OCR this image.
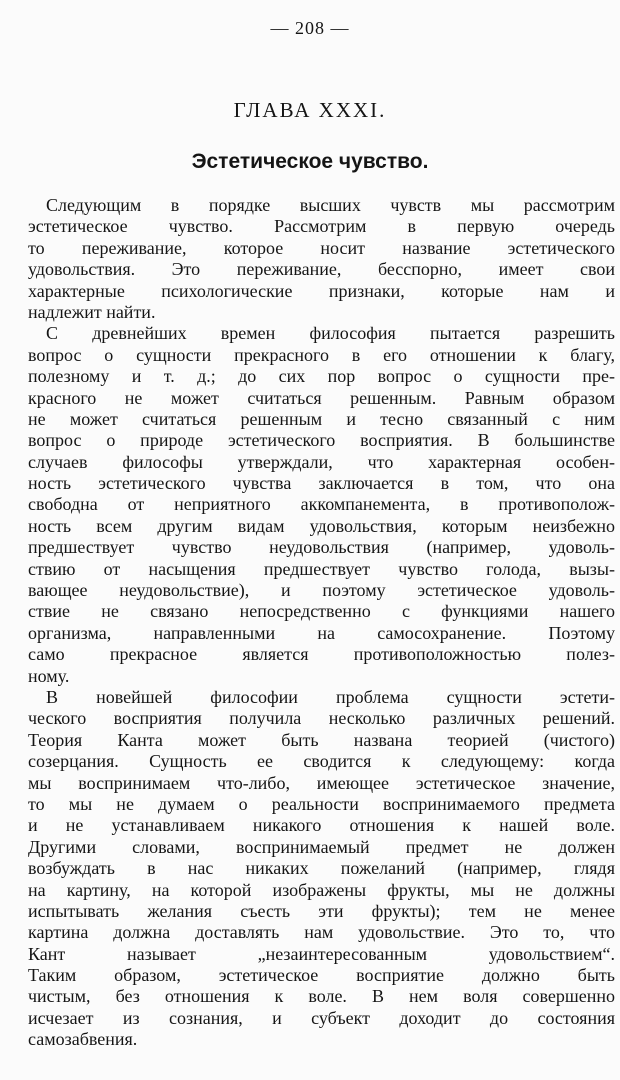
— 208 —
ГЛАВА XXXI.
Эстетическое чувство.
Следующим в порядке высших чувств мы рассмотрим
эстетическое чувство. Рассмотрим в первую очередь
то переживание, которое носит название эстетического
удовольствия. Это переживание, бесспорно, имеет свои
характерные психологические признаки, которые нам и
надлежит найти.
С древнейших времен философия пытается разрешить
вопрос о сущности прекрасного в его отношении к благу,
полезному и т. д.; до сих пор вопрос о сущности пре-
красного не может считаться решенным. Равным образом
не может считаться решенным и тесно связанный с ним
вопрос о природе эстетического восприятия. В большинстве
случаев философы утверждали, что характерная особен-
ность эстетического чувства заключается в том, что она
свободна от неприятного аккомпанемента, в противополож-
ность всем другим видам удовольствия, которым неизбежно
предшествует чувство неудовольствия (например, удоволь-
ствию от насыщения предшествует чувство голода, вызы-
вающее неудовольствие), и поэтому эстетическое удоволь-
ствие не связано непосредственно с функциями нашего
организма, направленными на самосохранение. Поэтому
само прекрасное является противоположностью полез-
ному.
В новейшей философии проблема сущности эстети-
ческого восприятия получила несколько различных решений.
Теория Канта может быть названа теорией (чистого)
созерцания. Сущность ее сводится к следующему: когда
мы воспринимаем что-либо, имеющее эстетическое значение,
то мы не думаем о реальности воспринимаемого предмета
и не устанавливаем никакого отношения к нашей воле.
Другими словами, воспринимаемый предмет не должен
возбуждать в нас никаких пожеланий (например, глядя
на картину, на которой изображены фрукты, мы не должны
испытывать желания съесть эти фрукты); тем не менее
картина должна доставлять нам удовольствие. Это то, что
Кант называет „незаинтересованным удовольствием“.
Таким образом, эстетическое восприятие должно быть
чистым, без отношения к воле. В нем воля совершенно
исчезает из сознания, и субъект доходит до состояния
самозабвения.
